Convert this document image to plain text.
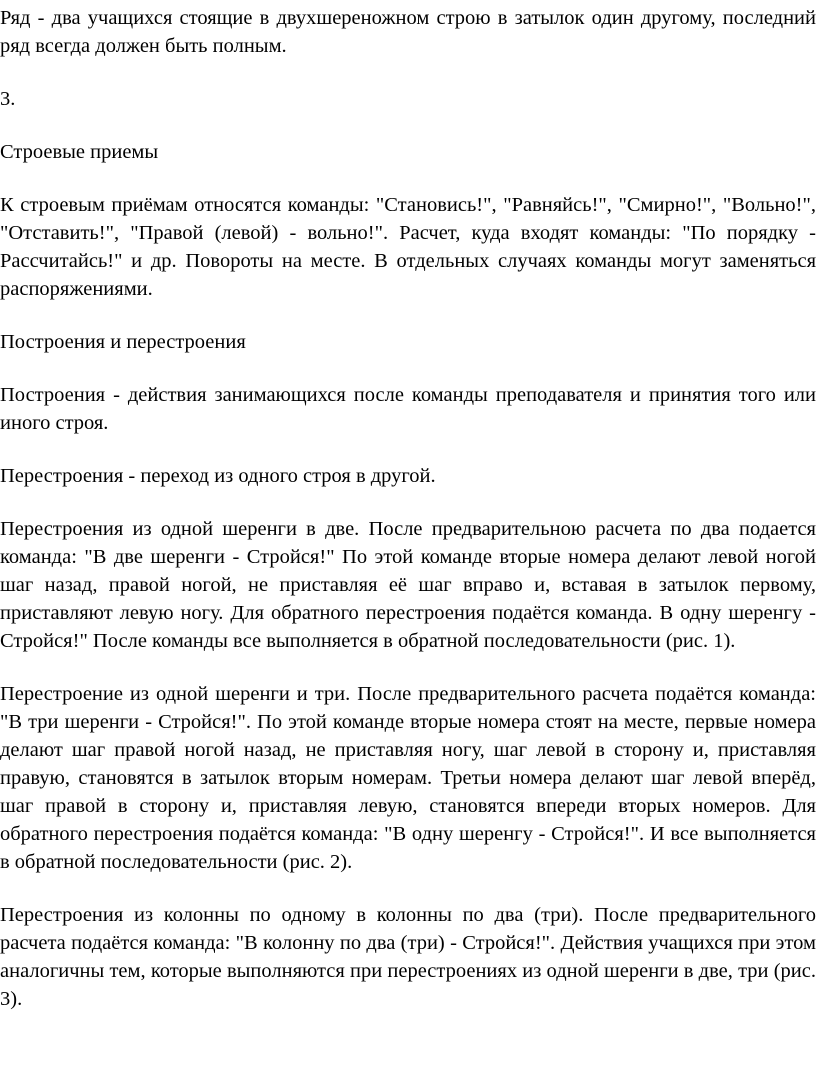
Ряд - два учащихся стоящие в двухшереножном строю в затылок один другому, последний ряд всегда должен быть полным.

3.

Строевые приемы

К строевым приёмам относятся команды: "Становись!", "Равняйсь!", "Смирно!", "Вольно!", "Отставить!", "Правой (левой) - вольно!". Расчет, куда входят команды: "По порядку - Рассчитайсь!" и др. Повороты на месте. В отдельных случаях команды могут заменяться распоряжениями.

Построения и перестроения

Построения - действия занимающихся после команды преподавателя и принятия того или иного строя.

Перестроения - переход из одного строя в другой.

Перестроения из одной шеренги в две. После предварительною расчета по два подается команда: "В две шеренги - Стройся!" По этой команде вторые номера делают левой ногой шаг назад, правой ногой, не приставляя её шаг вправо и, вставая в затылок первому, приставляют левую ногу. Для обратного перестроения подаётся команда. В одну шеренгу - Стройся!" После команды все выполняется в обратной последовательности (рис. 1).

Перестроение из одной шеренги и три. После предварительного расчета подаётся команда: "В три шеренги - Стройся!". По этой команде вторые номера стоят на месте, первые номера делают шаг правой ногой назад, не приставляя ногу, шаг левой в сторону и, приставляя правую, становятся в затылок вторым номерам. Третьи номера делают шаг левой вперёд, шаг правой в сторону и, приставляя левую, становятся впереди вторых номеров. Для обратного перестроения подаётся команда: "В одну шеренгу - Стройся!". И все выполняется в обратной последовательности (рис. 2).

Перестроения из колонны по одному в колонны по два (три). После предварительного расчета подаётся команда: "В колонну по два (три) - Стройся!". Действия учащихся при этом аналогичны тем, которые выполняются при перестроениях из одной шеренги в две, три (рис. 3).
